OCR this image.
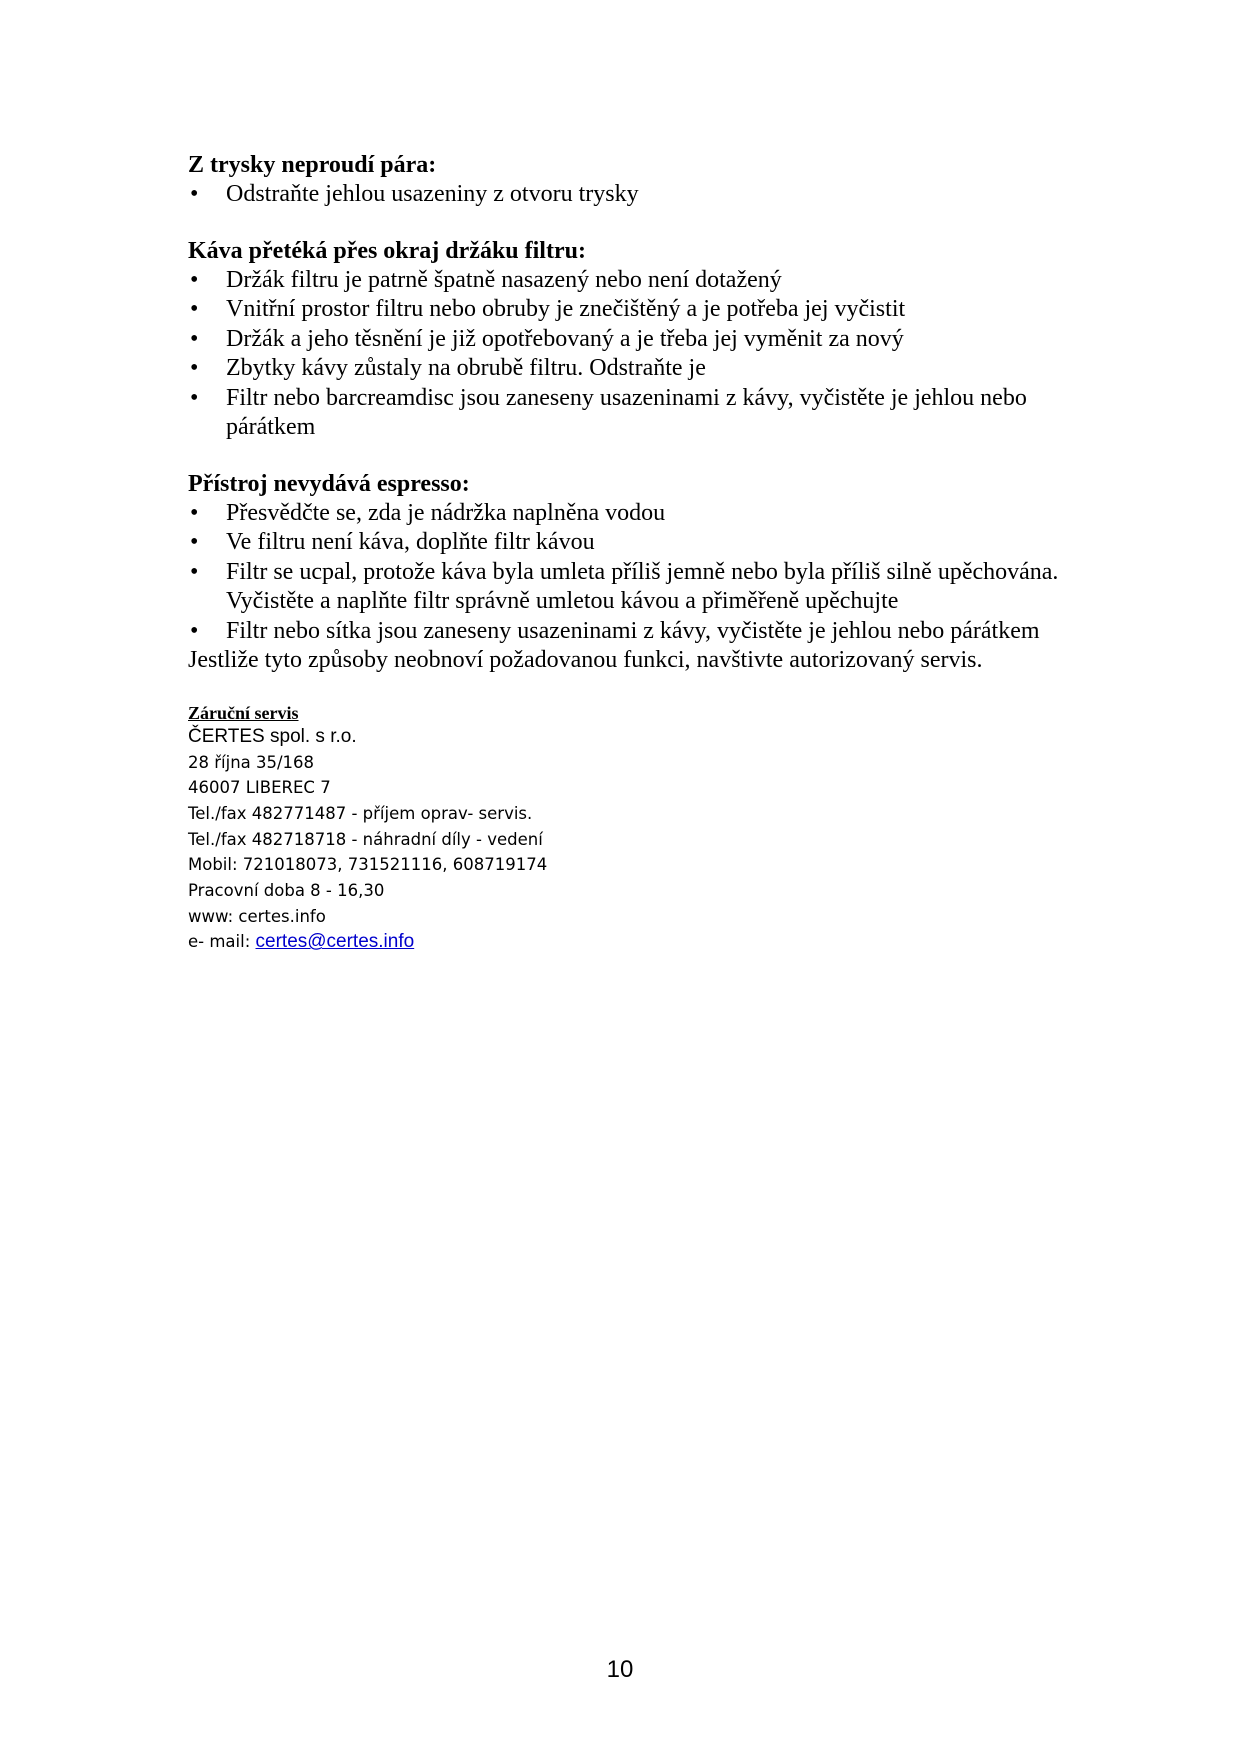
Z trysky neproudí pára:

• Odstraňte jehlou usazeniny z otvoru trysky

Káva přetéká přes okraj držáku filtru:

• Držák filtru je patrně špatně nasazený nebo není dotažený
• Vnitřní prostor filtru nebo obruby je znečištěný a je potřeba jej vyčistit
• Držák a jeho těsnění je již opotřebovaný a je třeba jej vyměnit za nový
• Zbytky kávy zůstaly na obrubě filtru. Odstraňte je
• Filtr nebo barcreamdisc jsou zaneseny usazeninami z kávy, vyčistěte je jehlou nebo párátkem

Přístroj nevydává espresso:

• Přesvědčte se, zda je nádržka naplněna vodou
• Ve filtru není káva, doplňte filtr kávou
• Filtr se ucpal, protože káva byla umleta příliš jemně nebo byla příliš silně upěchována. Vyčistěte a naplňte filtr správně umletou kávou a přiměřeně upěchujte
• Filtr nebo sítka jsou zaneseny usazeninami z kávy, vyčistěte je jehlou nebo párátkem

Jestliže tyto způsoby neobnoví požadovanou funkci, navštivte autorizovaný servis.

Záruční servis
ČERTES spol. s r.o.
28 října 35/168
46007 LIBEREC 7
Tel./fax 482771487 - příjem oprav- servis.
Tel./fax 482718718 - náhradní díly - vedení
Mobil: 721018073, 731521116, 608719174
Pracovní doba 8 - 16,30
www: certes.info
e- mail: certes@certes.info
10
